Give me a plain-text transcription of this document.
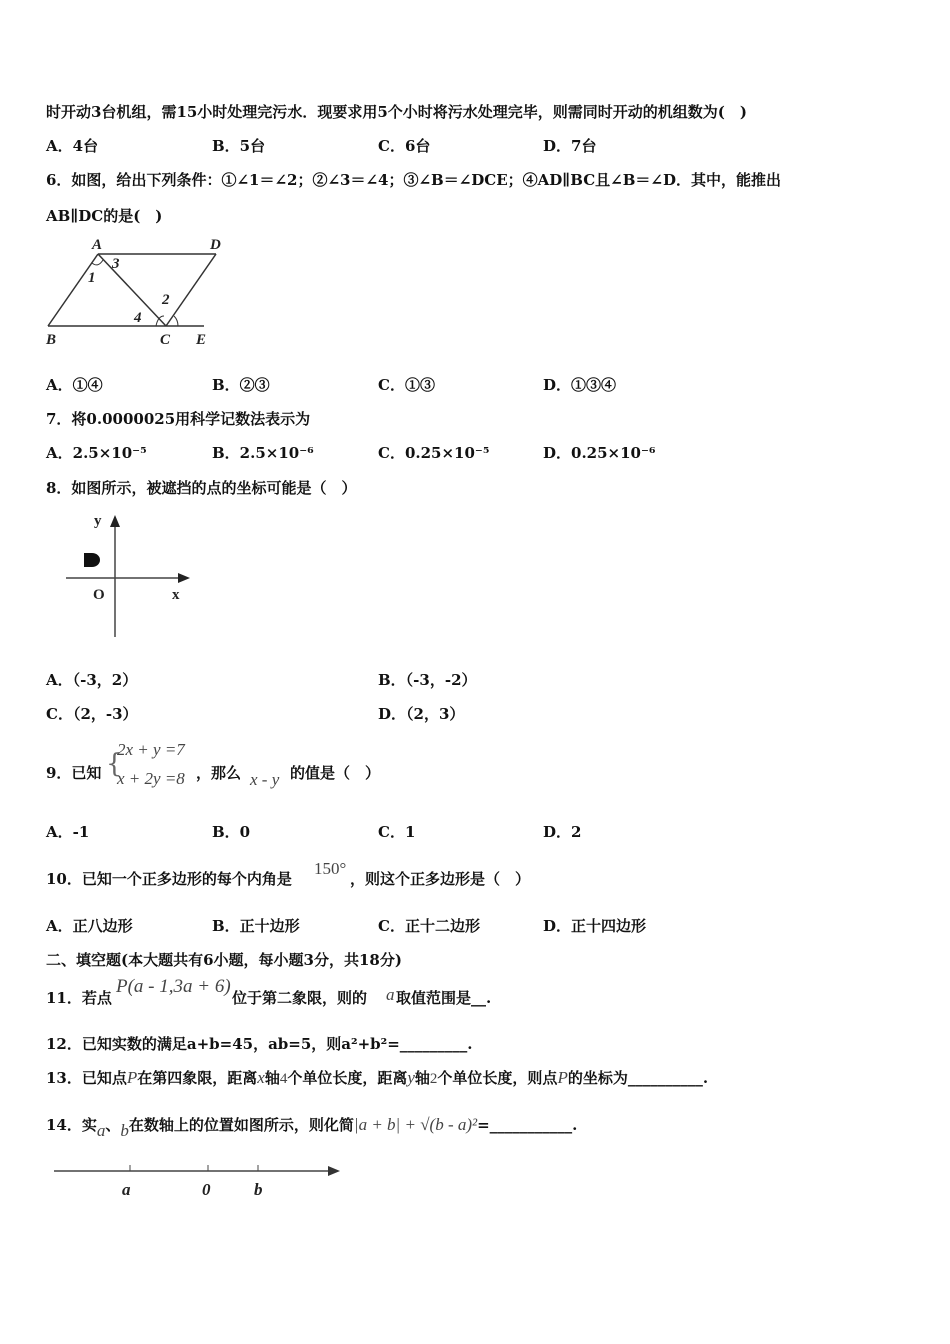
时开动3台机组，需15小时处理完污水．现要求用5个小时将污水处理完毕，则需同时开动的机组数为(　)
A．4台	B．5台	C．6台	D．7台
6．如图，给出下列条件：①∠1＝∠2；②∠3＝∠4；③∠B＝∠DCE；④AD∥BC且∠B＝∠D．其中，能推出
AB∥DC的是(　)
A	D
B	C E
1
3
2
4
A．①④	B．②③	C．①③	D．①③④
7．将0.0000025用科学记数法表示为
A．2.5×10⁻⁵	B．2.5×10⁻⁶	C．0.25×10⁻⁵	D．0.25×10⁻⁶
8．如图所示，被遮挡的点的坐标可能是（　）
y
x
O
A．（-3，2）	B．（-3，-2）
C．（2，-3）	D．（2，3）
9．已知 {
2x + y =7
x + 2y =8 ，那么 x - y 的值是（　）
A．-1	B．0	C．1	D．2
10．已知一个正多边形的每个内角是
150°
，则这个正多边形是（　）
A．正八边形	B．正十边形	C．正十二边形	D．正十四边形
二、填空题(本大题共有6小题，每小题3分，共18分)
11．若点
P(a - 1,3a + 6)
位于第二象限，则的 a 取值范围是__.
12．已知实数的满足a+b=45，ab=5，则a²+b²=_________.
13．已知点P在第四象限，距离x轴4个单位长度，距离y轴2个单位长度，则点P的坐标为__________.
14．实a、b在数轴上的位置如图所示，则化简|a + b| + √(b - a)²=___________.
a	0	b
